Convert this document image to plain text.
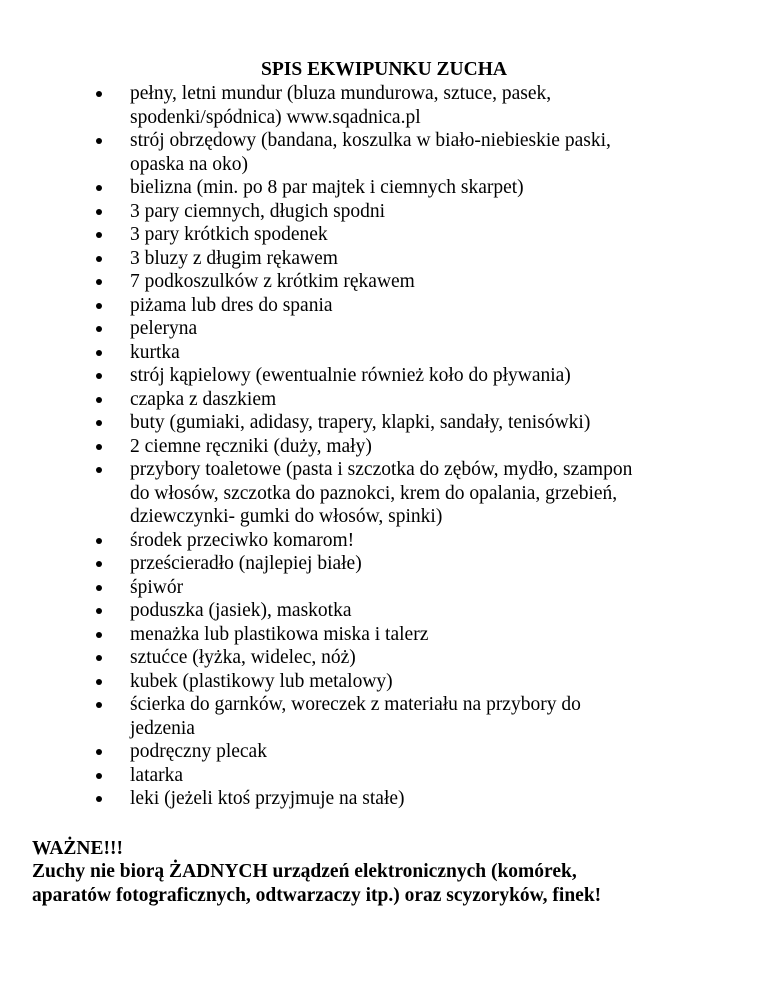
SPIS EKWIPUNKU ZUCHA
pełny, letni mundur (bluza mundurowa, sztuce, pasek,
spodenki/spódnica) www.sqadnica.pl
strój obrzędowy (bandana, koszulka w biało-niebieskie paski,
opaska na oko)
bielizna (min. po 8 par majtek i ciemnych skarpet)
3 pary ciemnych, długich spodni
3 pary krótkich spodenek
3 bluzy z długim rękawem
7 podkoszulków z krótkim rękawem
piżama lub dres do spania
peleryna
kurtka
strój kąpielowy (ewentualnie również koło do pływania)
czapka z daszkiem
buty (gumiaki, adidasy, trapery, klapki, sandały, tenisówki)
2 ciemne ręczniki (duży, mały)
przybory toaletowe (pasta i szczotka do zębów, mydło, szampon
do włosów, szczotka do paznokci, krem do opalania, grzebień,
dziewczynki- gumki do włosów, spinki)
środek przeciwko komarom!
prześcieradło (najlepiej białe)
śpiwór
poduszka (jasiek), maskotka
menażka lub plastikowa miska i talerz
sztućce (łyżka, widelec, nóż)
kubek (plastikowy lub metalowy)
ścierka do garnków, woreczek z materiału na przybory do
jedzenia
podręczny plecak
latarka
leki (jeżeli ktoś przyjmuje na stałe)
WAŻNE!!!
Zuchy nie biorą ŻADNYCH urządzeń elektronicznych (komórek,
aparatów fotograficznych, odtwarzaczy itp.) oraz scyzoryków, finek!
